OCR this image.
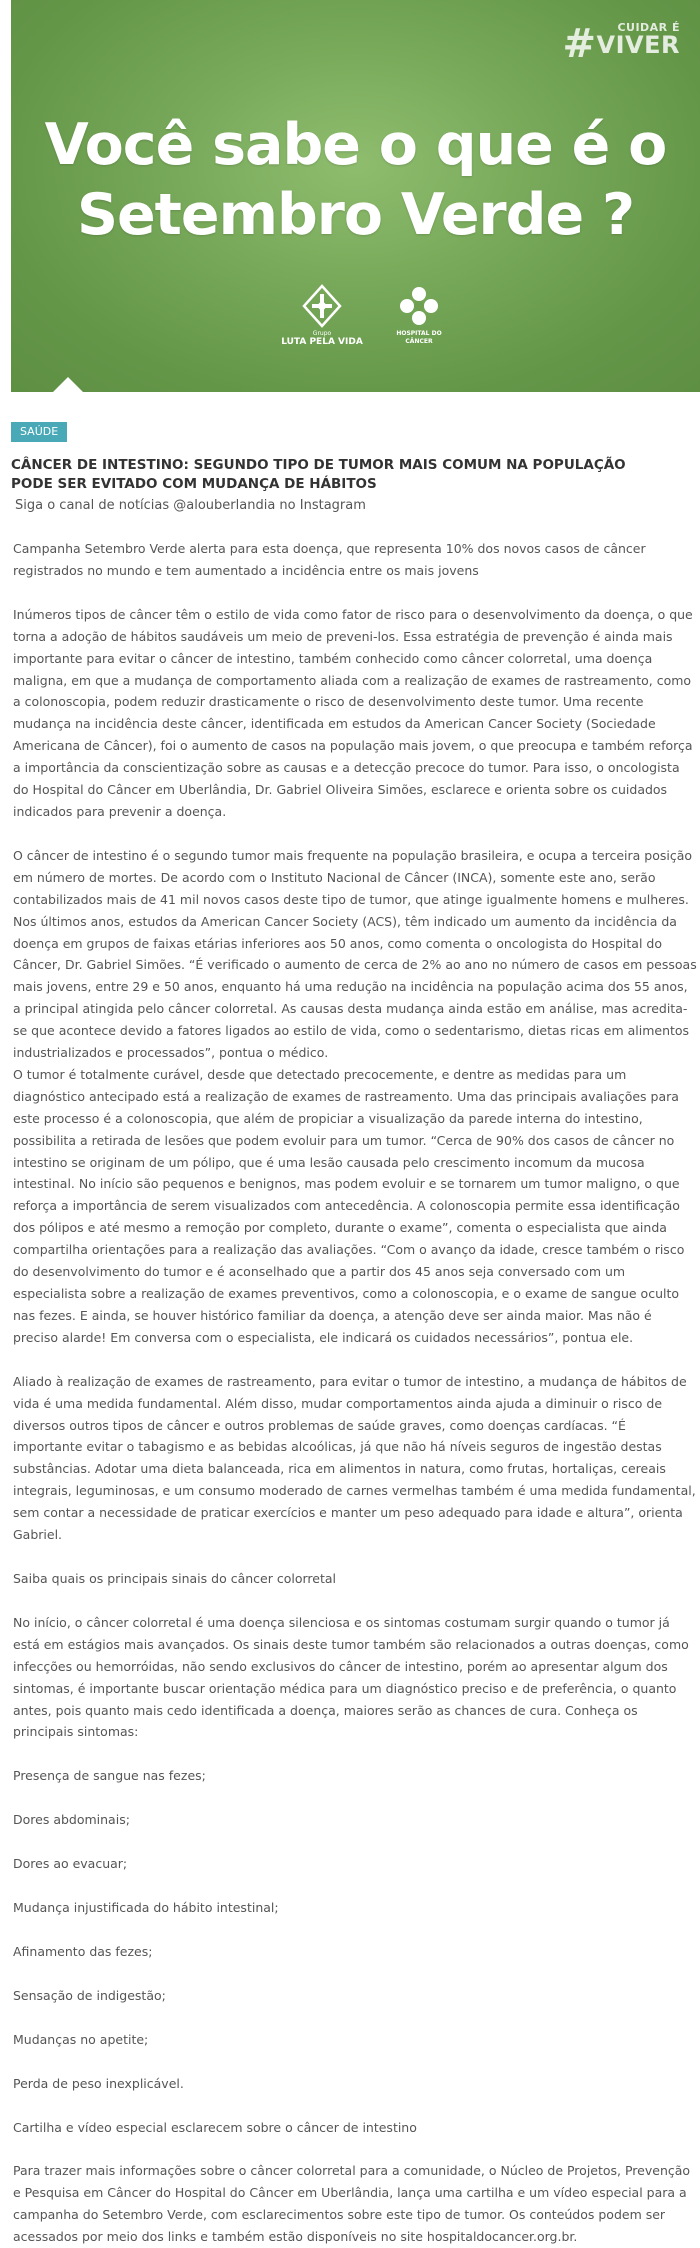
#	CUIDAR É
VIVER
Você sabe o que é o
Setembro Verde ?
Grupo
LUTA PELA VIDA
HOSPITAL DO CÂNCER
SAÚDE
CÂNCER DE INTESTINO: SEGUNDO TIPO DE TUMOR MAIS COMUM NA POPULAÇÃO PODE SER EVITADO COM MUDANÇA DE HÁBITOS
Siga o canal de notícias @alouberlandia no Instagram

Campanha Setembro Verde alerta para esta doença, que representa 10% dos novos casos de câncer registrados no mundo e tem aumentado a incidência entre os mais jovens

Inúmeros tipos de câncer têm o estilo de vida como fator de risco para o desenvolvimento da doença, o que torna a adoção de hábitos saudáveis um meio de preveni-los. Essa estratégia de prevenção é ainda mais importante para evitar o câncer de intestino, também conhecido como câncer colorretal, uma doença maligna, em que a mudança de comportamento aliada com a realização de exames de rastreamento, como a colonoscopia, podem reduzir drasticamente o risco de desenvolvimento deste tumor. Uma recente mudança na incidência deste câncer, identificada em estudos da American Cancer Society (Sociedade Americana de Câncer), foi o aumento de casos na população mais jovem, o que preocupa e também reforça a importância da conscientização sobre as causas e a detecção precoce do tumor. Para isso, o oncologista do Hospital do Câncer em Uberlândia, Dr. Gabriel Oliveira Simões, esclarece e orienta sobre os cuidados indicados para prevenir a doença.

O câncer de intestino é o segundo tumor mais frequente na população brasileira, e ocupa a terceira posição em número de mortes. De acordo com o Instituto Nacional de Câncer (INCA), somente este ano, serão contabilizados mais de 41 mil novos casos deste tipo de tumor, que atinge igualmente homens e mulheres. Nos últimos anos, estudos da American Cancer Society (ACS), têm indicado um aumento da incidência da doença em grupos de faixas etárias inferiores aos 50 anos, como comenta o oncologista do Hospital do Câncer, Dr. Gabriel Simões. “É verificado o aumento de cerca de 2% ao ano no número de casos em pessoas mais jovens, entre 29 e 50 anos, enquanto há uma redução na incidência na população acima dos 55 anos, a principal atingida pelo câncer colorretal. As causas desta mudança ainda estão em análise, mas acredita-se que acontece devido a fatores ligados ao estilo de vida, como o sedentarismo, dietas ricas em alimentos industrializados e processados”, pontua o médico.

O tumor é totalmente curável, desde que detectado precocemente, e dentre as medidas para um diagnóstico antecipado está a realização de exames de rastreamento. Uma das principais avaliações para este processo é a colonoscopia, que além de propiciar a visualização da parede interna do intestino, possibilita a retirada de lesões que podem evoluir para um tumor. “Cerca de 90% dos casos de câncer no intestino se originam de um pólipo, que é uma lesão causada pelo crescimento incomum da mucosa intestinal. No início são pequenos e benignos, mas podem evoluir e se tornarem um tumor maligno, o que reforça a importância de serem visualizados com antecedência. A colonoscopia permite essa identificação dos pólipos e até mesmo a remoção por completo, durante o exame”, comenta o especialista que ainda compartilha orientações para a realização das avaliações. “Com o avanço da idade, cresce também o risco do desenvolvimento do tumor e é aconselhado que a partir dos 45 anos seja conversado com um especialista sobre a realização de exames preventivos, como a colonoscopia, e o exame de sangue oculto nas fezes. E ainda, se houver histórico familiar da doença, a atenção deve ser ainda maior. Mas não é preciso alarde! Em conversa com o especialista, ele indicará os cuidados necessários”, pontua ele.

Aliado à realização de exames de rastreamento, para evitar o tumor de intestino, a mudança de hábitos de vida é uma medida fundamental. Além disso, mudar comportamentos ainda ajuda a diminuir o risco de diversos outros tipos de câncer e outros problemas de saúde graves, como doenças cardíacas. “É importante evitar o tabagismo e as bebidas alcoólicas, já que não há níveis seguros de ingestão destas substâncias. Adotar uma dieta balanceada, rica em alimentos in natura, como frutas, hortaliças, cereais integrais, leguminosas, e um consumo moderado de carnes vermelhas também é uma medida fundamental, sem contar a necessidade de praticar exercícios e manter um peso adequado para idade e altura”, orienta Gabriel.

Saiba quais os principais sinais do câncer colorretal

No início, o câncer colorretal é uma doença silenciosa e os sintomas costumam surgir quando o tumor já está em estágios mais avançados. Os sinais deste tumor também são relacionados a outras doenças, como infecções ou hemorróidas, não sendo exclusivos do câncer de intestino, porém ao apresentar algum dos sintomas, é importante buscar orientação médica para um diagnóstico preciso e de preferência, o quanto antes, pois quanto mais cedo identificada a doença, maiores serão as chances de cura. Conheça os principais sintomas:

Presença de sangue nas fezes;

Dores abdominais;

Dores ao evacuar;

Mudança injustificada do hábito intestinal;

Afinamento das fezes;

Sensação de indigestão;

Mudanças no apetite;

Perda de peso inexplicável.

Cartilha e vídeo especial esclarecem sobre o câncer de intestino

Para trazer mais informações sobre o câncer colorretal para a comunidade, o Núcleo de Projetos, Prevenção e Pesquisa em Câncer do Hospital do Câncer em Uberlândia, lança uma cartilha e um vídeo especial para a campanha do Setembro Verde, com esclarecimentos sobre este tipo de tumor. Os conteúdos podem ser acessados por meio dos links e também estão disponíveis no site hospitaldocancer.org.br.
